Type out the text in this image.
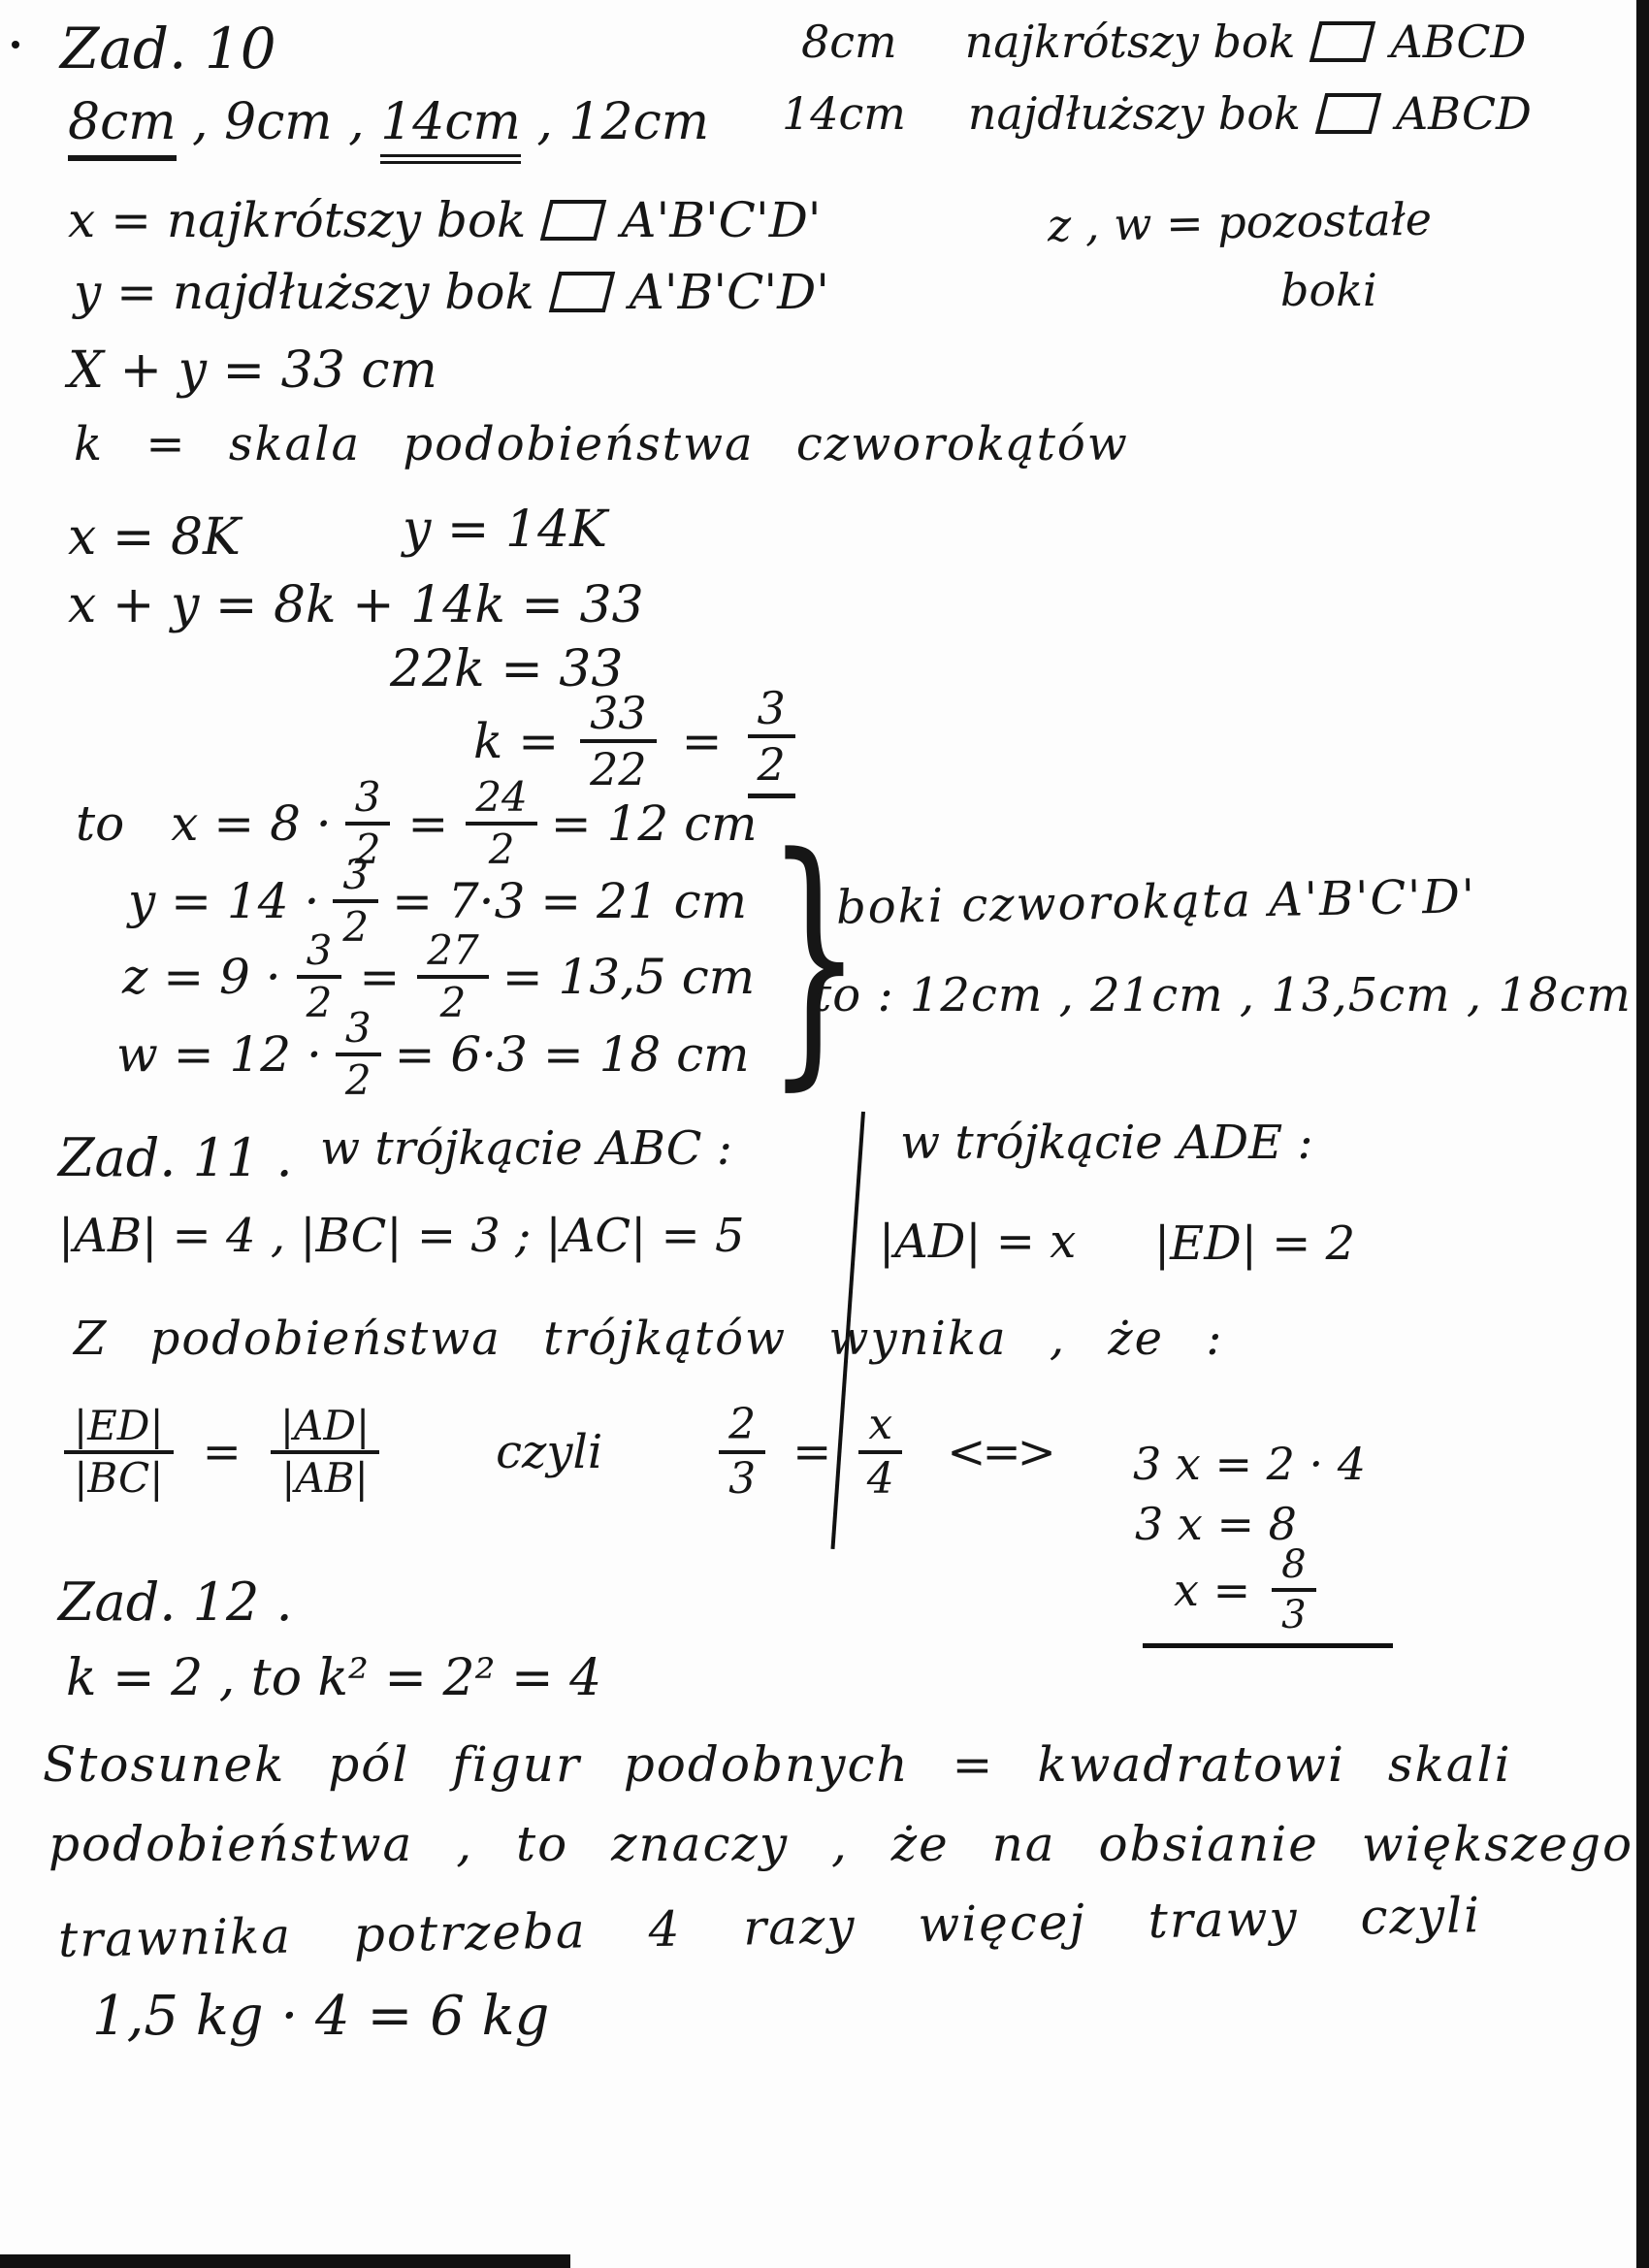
Zad. 10
8cm , 9cm , 14cm , 12cm
8cm najkrótszy bok ABCD
14cm najdłuższy bok ABCD
x = najkrótszy bok A'B'C'D'
y = najdłuższy bok A'B'C'D'
z , w = pozostałe
boki
X + y = 33 cm
k = skala podobieństwa czworokątów
x = 8K	y = 14K
x + y = 8k + 14k = 33
22k = 33
$k = \frac{33}{22} = \frac{3}{2}$
to $x = 8 \cdot \frac{3}{2} = \frac{24}{2} = 12$ cm
$y = 14 \cdot \frac{3}{2} = 7\cdot 3 = 21$ cm
$z = 9 \cdot \frac{3}{2} = \frac{27}{2} = 13,5$ cm
$w = 12 \cdot \frac{3}{2} = 6\cdot 3 = 18$ cm }
boki czworokąta A'B'C'D'
to : 12cm , 21cm , 13,5cm , 18cm
Zad. 11 . w trójkącie ABC :	w trójkącie ADE :
|AB| = 4 , |BC| = 3 ; |AC| = 5	|AD| = x |ED| = 2
Z podobieństwa trójkątów wynika , że :
$\frac{|ED|}{|BC|} = \frac{|AD|}{|AB|}$	czyli	$\frac{2}{3} = \frac{x}{4}$ <=> 3 x = 2 · 4
3 x = 8
$x = \frac{8}{3}$
Zad. 12 .
k = 2 , to k² = 2² = 4
Stosunek pól figur podobnych = kwadratowi skali
podobieństwa , to znaczy , że na obsianie większego
trawnika potrzeba 4 razy więcej trawy czyli
1,5 kg · 4 = 6 kg
